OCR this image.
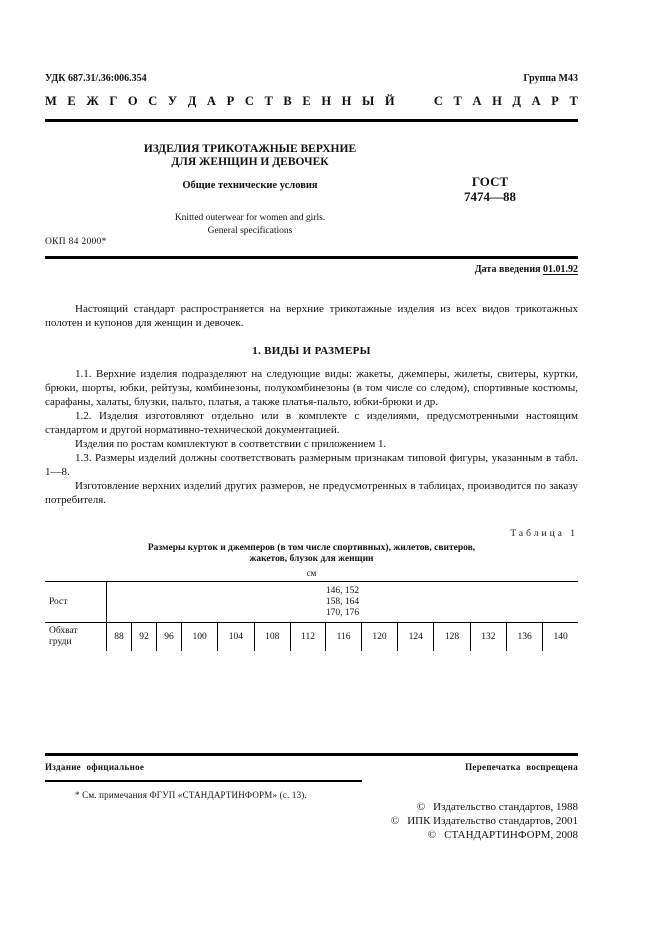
УДК 687.31/.36:006.354	Группа М43
М Е Ж Г О С У Д А Р С Т В Е Н Н Ы Й	С Т А Н Д А Р Т
ИЗДЕЛИЯ ТРИКОТАЖНЫЕ ВЕРХНИЕ
ДЛЯ ЖЕНЩИН И ДЕВОЧЕК
Общие технические условия	ГОСТ
7474—88
Knitted outerwear for women and girls.
General specifications
ОКП 84 2000*
Дата введения 01.01.92

Настоящий стандарт распространяется на верхние трикотажные изделия из всех видов трикотажных полотен и купонов для женщин и девочек.

1. ВИДЫ И РАЗМЕРЫ

1.1. Верхние изделия подразделяют на следующие виды: жакеты, джемперы, жилеты, свитеры, куртки, брюки, шорты, юбки, рейтузы, комбинезоны, полукомбинезоны (в том числе со следом), спортивные костюмы, сарафаны, халаты, блузки, пальто, платья, а также платья-пальто, юбки-брюки и др.

1.2. Изделия изготовляют отдельно или в комплекте с изделиями, предусмотренными настоящим стандартом и другой нормативно-технической документацией.

Изделия по ростам комплектуют в соответствии с приложением 1.

1.3. Размеры изделий должны соответствовать размерным признакам типовой фигуры, указанным в табл. 1—8.

Изготовление верхних изделий других размеров, не предусмотренных в таблицах, производится по заказу потребителя.

Таблица 1
Размеры курток и джемперов (в том числе спортивных), жилетов, свитеров,
жакетов, блузок для женщин
см
Рост	146, 152
158, 164
170, 176													

Обхват
груди	88	92	96	100	104	108	112	116	120	124	128	132	136	140
Издание официальное	Перепечатка воспрещена
* См. примечания ФГУП «СТАНДАРТИНФОРМ» (с. 13).
© Издательство стандартов, 1988
© ИПК Издательство стандартов, 2001
© СТАНДАРТИНФОРМ, 2008
